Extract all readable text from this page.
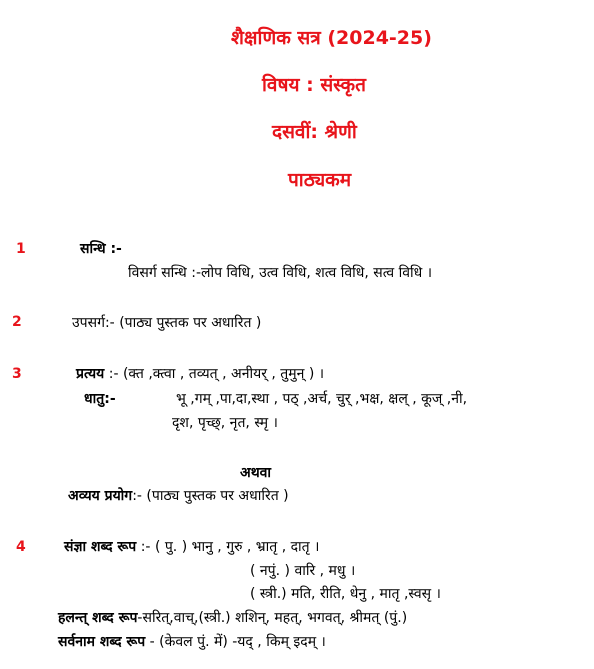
शैक्षणिक सत्र (2024-25)
विषय : संस्कृत
दसवीं: श्रेणी
पाठ्यकम
1	सन्धि :-
विसर्ग सन्धि :-लोप विधि, उत्व विधि, शत्व विधि, सत्व विधि ।
2	उपसर्ग:- (पाठ्य पुस्तक पर अधारित )
3	प्रत्यय :- (क्त ,क्त्वा , तव्यत् , अनीयर् , तुमुन् ) ।
धातु:-	भू ,गम् ,पा,दा,स्था , पठ् ,अर्च, चुर् ,भक्ष, क्षल् , कूज् ,नी,
दृश, पृच्छ्, नृत, स्मृ ।
अथवा
अव्यय प्रयोग:- (पाठ्य पुस्तक पर अधारित )
4	संज्ञा शब्द रूप :- ( पु. ) भानु , गुरु , भ्रातृ , दातृ ।
( नपुं. ) वारि , मधु ।
( स्त्री.) मति, रीति, धेनु , मातृ ,स्वसृ ।
हलन्त् शब्द रूप-सरित्,वाच्,(स्त्री.) शशिन्, महत्, भगवत्, श्रीमत् (पुं.)
सर्वनाम शब्द रूप - (केवल पुं. में) -यद् , किम् इदम् ।
